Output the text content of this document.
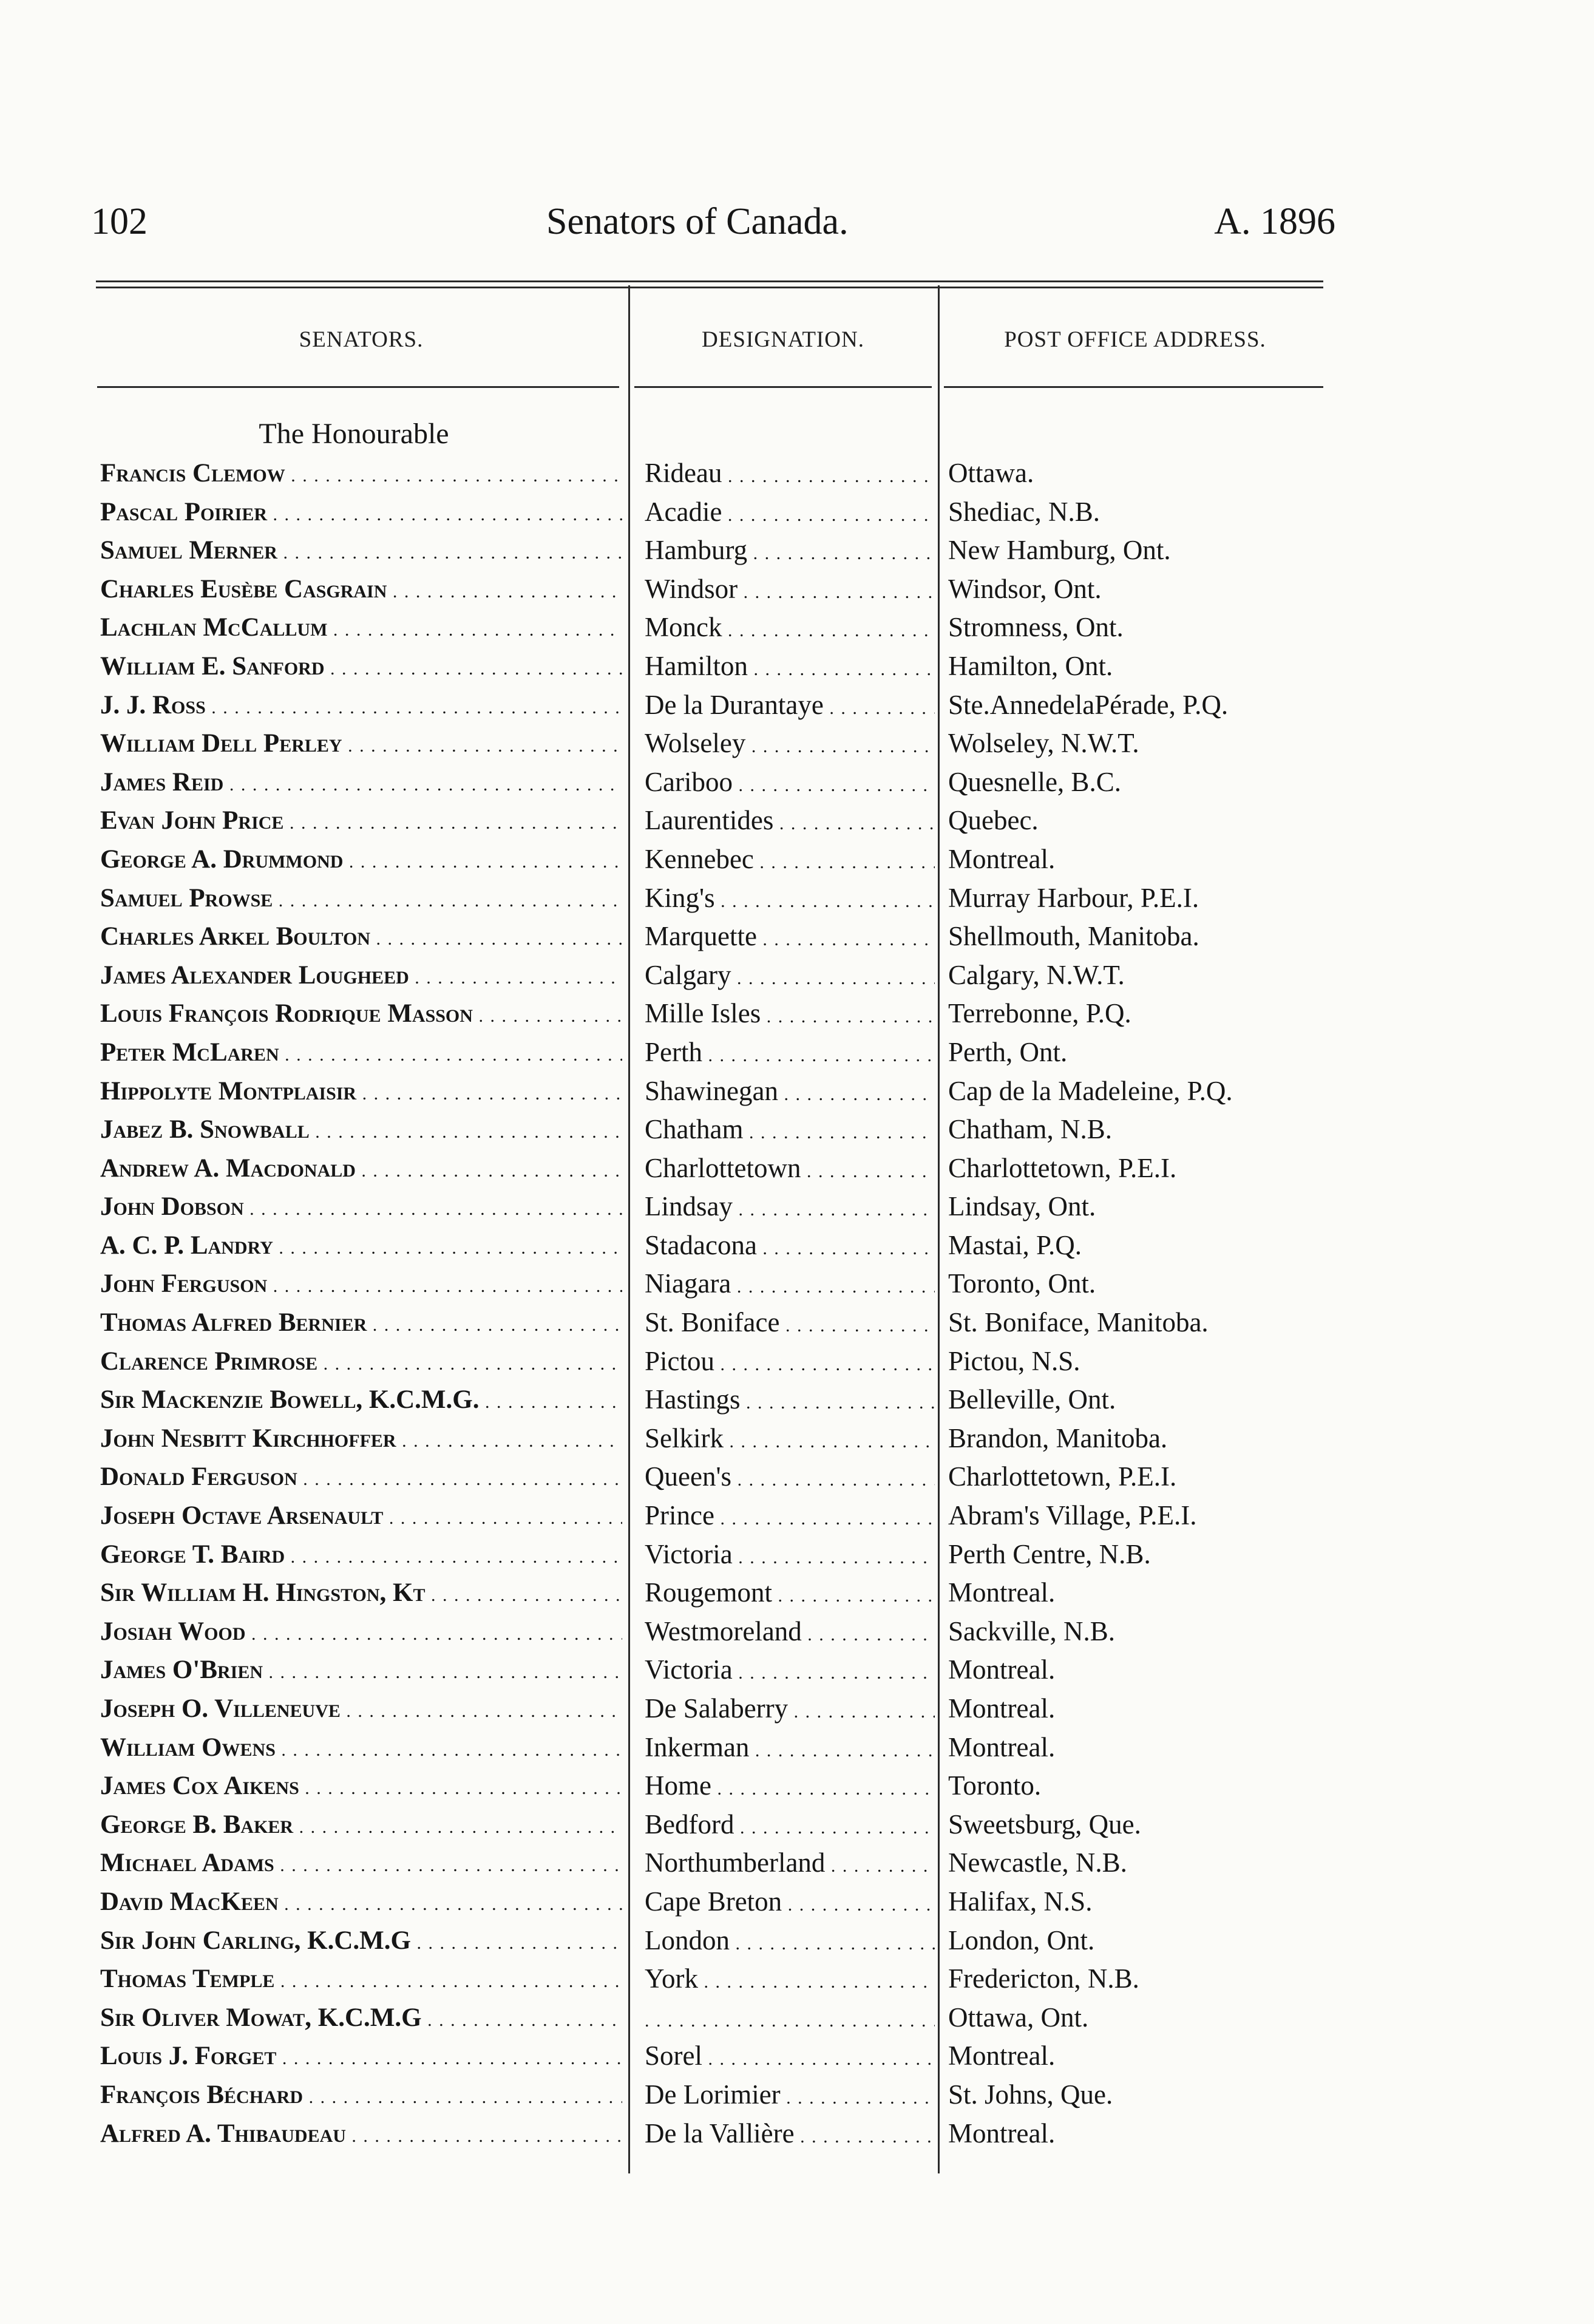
102	Senators of Canada.	A. 1896
SENATORS.	DESIGNATION.	POST OFFICE ADDRESS.
The Honourable
Francis Clemow . . .	Rideau . . .	Ottawa.
Pascal Poirier . . .	Acadie . . .	Shediac, N.B.
Samuel Merner . . .	Hamburg . . .	New Hamburg, Ont.
Charles Eusèbe Casgrain . . .	Windsor . . .	Windsor, Ont.
Lachlan McCallum . . .	Monck . . .	Stromness, Ont.
William E. Sanford . . .	Hamilton . . .	Hamilton, Ont.
J. J. Ross . . .	De la Durantaye . . .	Ste.AnnedelaPérade, P.Q.
William Dell Perley . . .	Wolseley . . .	Wolseley, N.W.T.
James Reid . . .	Cariboo . . .	Quesnelle, B.C.
Evan John Price . . .	Laurentides . . .	Quebec.
George A. Drummond . . .	Kennebec . . .	Montreal.
Samuel Prowse . . .	King's . . .	Murray Harbour, P.E.I.
Charles Arkel Boulton . . .	Marquette . . .	Shellmouth, Manitoba.
James Alexander Lougheed . . .	Calgary . . .	Calgary, N.W.T.
Louis François Rodrique Masson . . .	Mille Isles . . .	Terrebonne, P.Q.
Peter McLaren . . .	Perth . . .	Perth, Ont.
Hippolyte Montplaisir . . .	Shawinegan . . .	Cap de la Madeleine, P.Q.
Jabez B. Snowball . . .	Chatham . . .	Chatham, N.B.
Andrew A. Macdonald . . .	Charlottetown . . .	Charlottetown, P.E.I.
John Dobson . . .	Lindsay . . .	Lindsay, Ont.
A. C. P. Landry . . .	Stadacona . . .	Mastai, P.Q.
John Ferguson . . .	Niagara . . .	Toronto, Ont.
Thomas Alfred Bernier . . .	St. Boniface . . .	St. Boniface, Manitoba.
Clarence Primrose . . .	Pictou . . .	Pictou, N.S.
Sir Mackenzie Bowell, K.C.M.G. . . .	Hastings . . .	Belleville, Ont.
John Nesbitt Kirchhoffer . . .	Selkirk . . .	Brandon, Manitoba.
Donald Ferguson . . .	Queen's . . .	Charlottetown, P.E.I.
Joseph Octave Arsenault . . .	Prince . . .	Abram's Village, P.E.I.
George T. Baird . . .	Victoria . . .	Perth Centre, N.B.
Sir William H. Hingston, Kt . . .	Rougemont . . .	Montreal.
Josiah Wood . . .	Westmoreland . . .	Sackville, N.B.
James O'Brien . . .	Victoria . . .	Montreal.
Joseph O. Villeneuve . . .	De Salaberry . . .	Montreal.
William Owens . . .	Inkerman . . .	Montreal.
James Cox Aikens . . .	Home . . .	Toronto.
George B. Baker . . .	Bedford . . .	Sweetsburg, Que.
Michael Adams . . .	Northumberland . . .	Newcastle, N.B.
David MacKeen . . .	Cape Breton . . .	Halifax, N.S.
Sir John Carling, K.C.M.G . . .	London . . .	London, Ont.
Thomas Temple . . .	York . . .	Fredericton, N.B.
Sir Oliver Mowat, K.C.M.G . . .
. . .	Ottawa, Ont.
Louis J. Forget . . .	Sorel . . .	Montreal.
François Béchard . . .	De Lorimier . . .	St. Johns, Que.
Alfred A. Thibaudeau . . .	De la Vallière . . .	Montreal.
